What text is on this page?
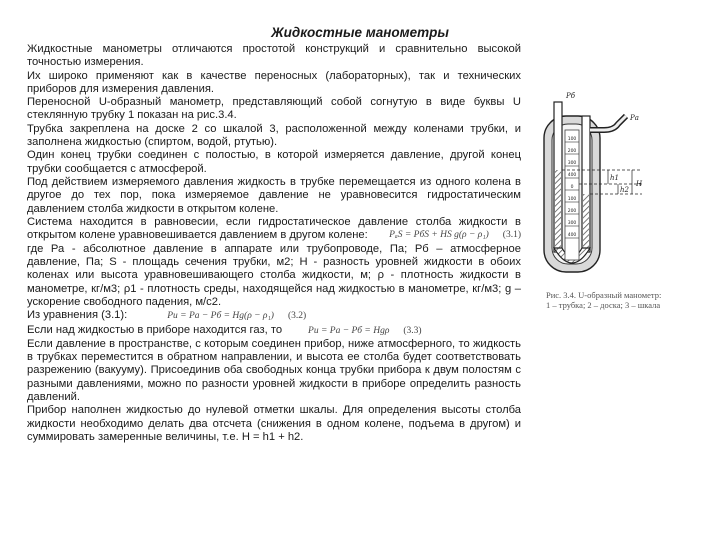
Жидкостные манометры

Жидкостные манометры отличаются простотой конструкций и сравнительно высокой точностью измерения.

Их широко применяют как в качестве переносных (лабораторных), так и технических приборов для измерения давления.

Переносной U-образный манометр, представляющий собой согнутую в виде буквы U стеклянную трубку 1 показан на рис.3.4.

Трубка закреплена на доске 2 со шкалой 3, расположенной между коленами трубки, и заполнена жидкостью (спиртом, водой, ртутью).

Один конец трубки соединен с полостью, в которой измеряется давление, другой конец трубки сообщается с атмосферой.

Под действием измеряемого давления жидкость в трубке перемещается из одного колена в другое до тех пор, пока измеряемое давление не уравновесится гидростатическим давлением столба жидкости в открытом колене.

Система находится в равновесии, если гидростатическое давление столба жидкости в открытом колене уравновешивается давлением в другом колене:	PₐS = PбS + HS g(ρ − ρ₁) (3.1)

где Ра - абсолютное давление в аппарате или трубопроводе, Па; Рб – атмосферное давление, Па; S - площадь сечения трубки, м2; H - разность уровней жидкости в обоих коленах или высота уравновешивающего столба жидкости, м; ρ - плотность жидкости в манометре, кг/м3; ρ1 - плотность среды, находящейся над жидкостью в манометре, кг/м3; g – ускорение свободного падения, м/с2.

Из уравнения (3.1):	Pи = Pа − Pб = Hg(ρ − ρ₁) (3.2)
Если над жидкостью в приборе находится газ, то	Pи = Pа − Pб = Hgρ (3.3)

Если давление в пространстве, с которым соединен прибор, ниже атмосферного, то жидкость в трубках переместится в обратном направлении, и высота ее столба будет соответствовать разрежению (вакууму). Присоединив оба свободных конца трубки прибора к двум полостям с разными давлениями, можно по разности уровней жидкости в приборе определить разность давлений.

Прибор наполнен жидкостью до нулевой отметки шкалы. Для определения высоты столба жидкости необходимо делать два отсчета (снижения в одном колене, подъема в другом) и суммировать замеренные величины, т.е. H = h1 + h2.

100
200
300
400
0
100
200
300
400
Pб
Pа
h1
h2
H
Рис. 3.4. U-образный манометр:
1 – трубка; 2 – доска; 3 – шкала
